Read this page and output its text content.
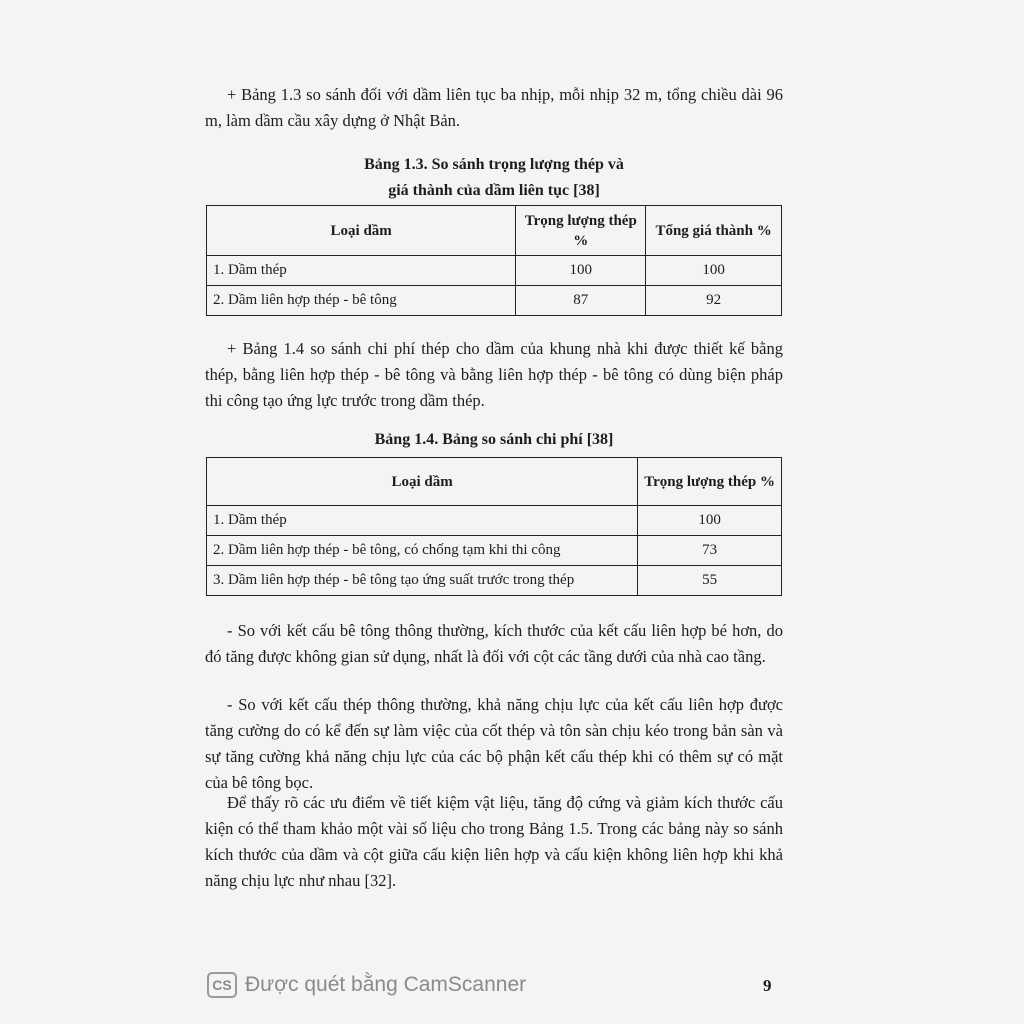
+ Bảng 1.3 so sánh đối với dầm liên tục ba nhịp, mỗi nhịp 32 m, tổng chiều dài 96 m, làm dầm cầu xây dựng ở Nhật Bản.

Bảng 1.3. So sánh trọng lượng thép và
giá thành của dầm liên tục [38]

Loại dầm	Trọng lượng thép %	Tổng giá thành %
1. Dầm thép	100	100
2. Dầm liên hợp thép - bê tông	87	92

+ Bảng 1.4 so sánh chi phí thép cho dầm của khung nhà khi được thiết kế bằng thép, bằng liên hợp thép - bê tông và bằng liên hợp thép - bê tông có dùng biện pháp thi công tạo ứng lực trước trong dầm thép.

Bảng 1.4. Bảng so sánh chi phí [38]

Loại dầm	Trọng lượng thép %
1. Dầm thép	100
2. Dầm liên hợp thép - bê tông, có chống tạm khi thi công	73
3. Dầm liên hợp thép - bê tông tạo ứng suất trước trong thép	55

- So với kết cấu bê tông thông thường, kích thước của kết cấu liên hợp bé hơn, do đó tăng được không gian sử dụng, nhất là đối với cột các tầng dưới của nhà cao tầng.

- So với kết cấu thép thông thường, khả năng chịu lực của kết cấu liên hợp được tăng cường do có kể đến sự làm việc của cốt thép và tôn sàn chịu kéo trong bản sàn và sự tăng cường khả năng chịu lực của các bộ phận kết cấu thép khi có thêm sự có mặt của bê tông bọc.

Để thấy rõ các ưu điểm về tiết kiệm vật liệu, tăng độ cứng và giảm kích thước cấu kiện có thể tham khảo một vài số liệu cho trong Bảng 1.5. Trong các bảng này so sánh kích thước của dầm và cột giữa cấu kiện liên hợp và cấu kiện không liên hợp khi khả năng chịu lực như nhau [32].

CS Được quét bằng CamScanner	9
